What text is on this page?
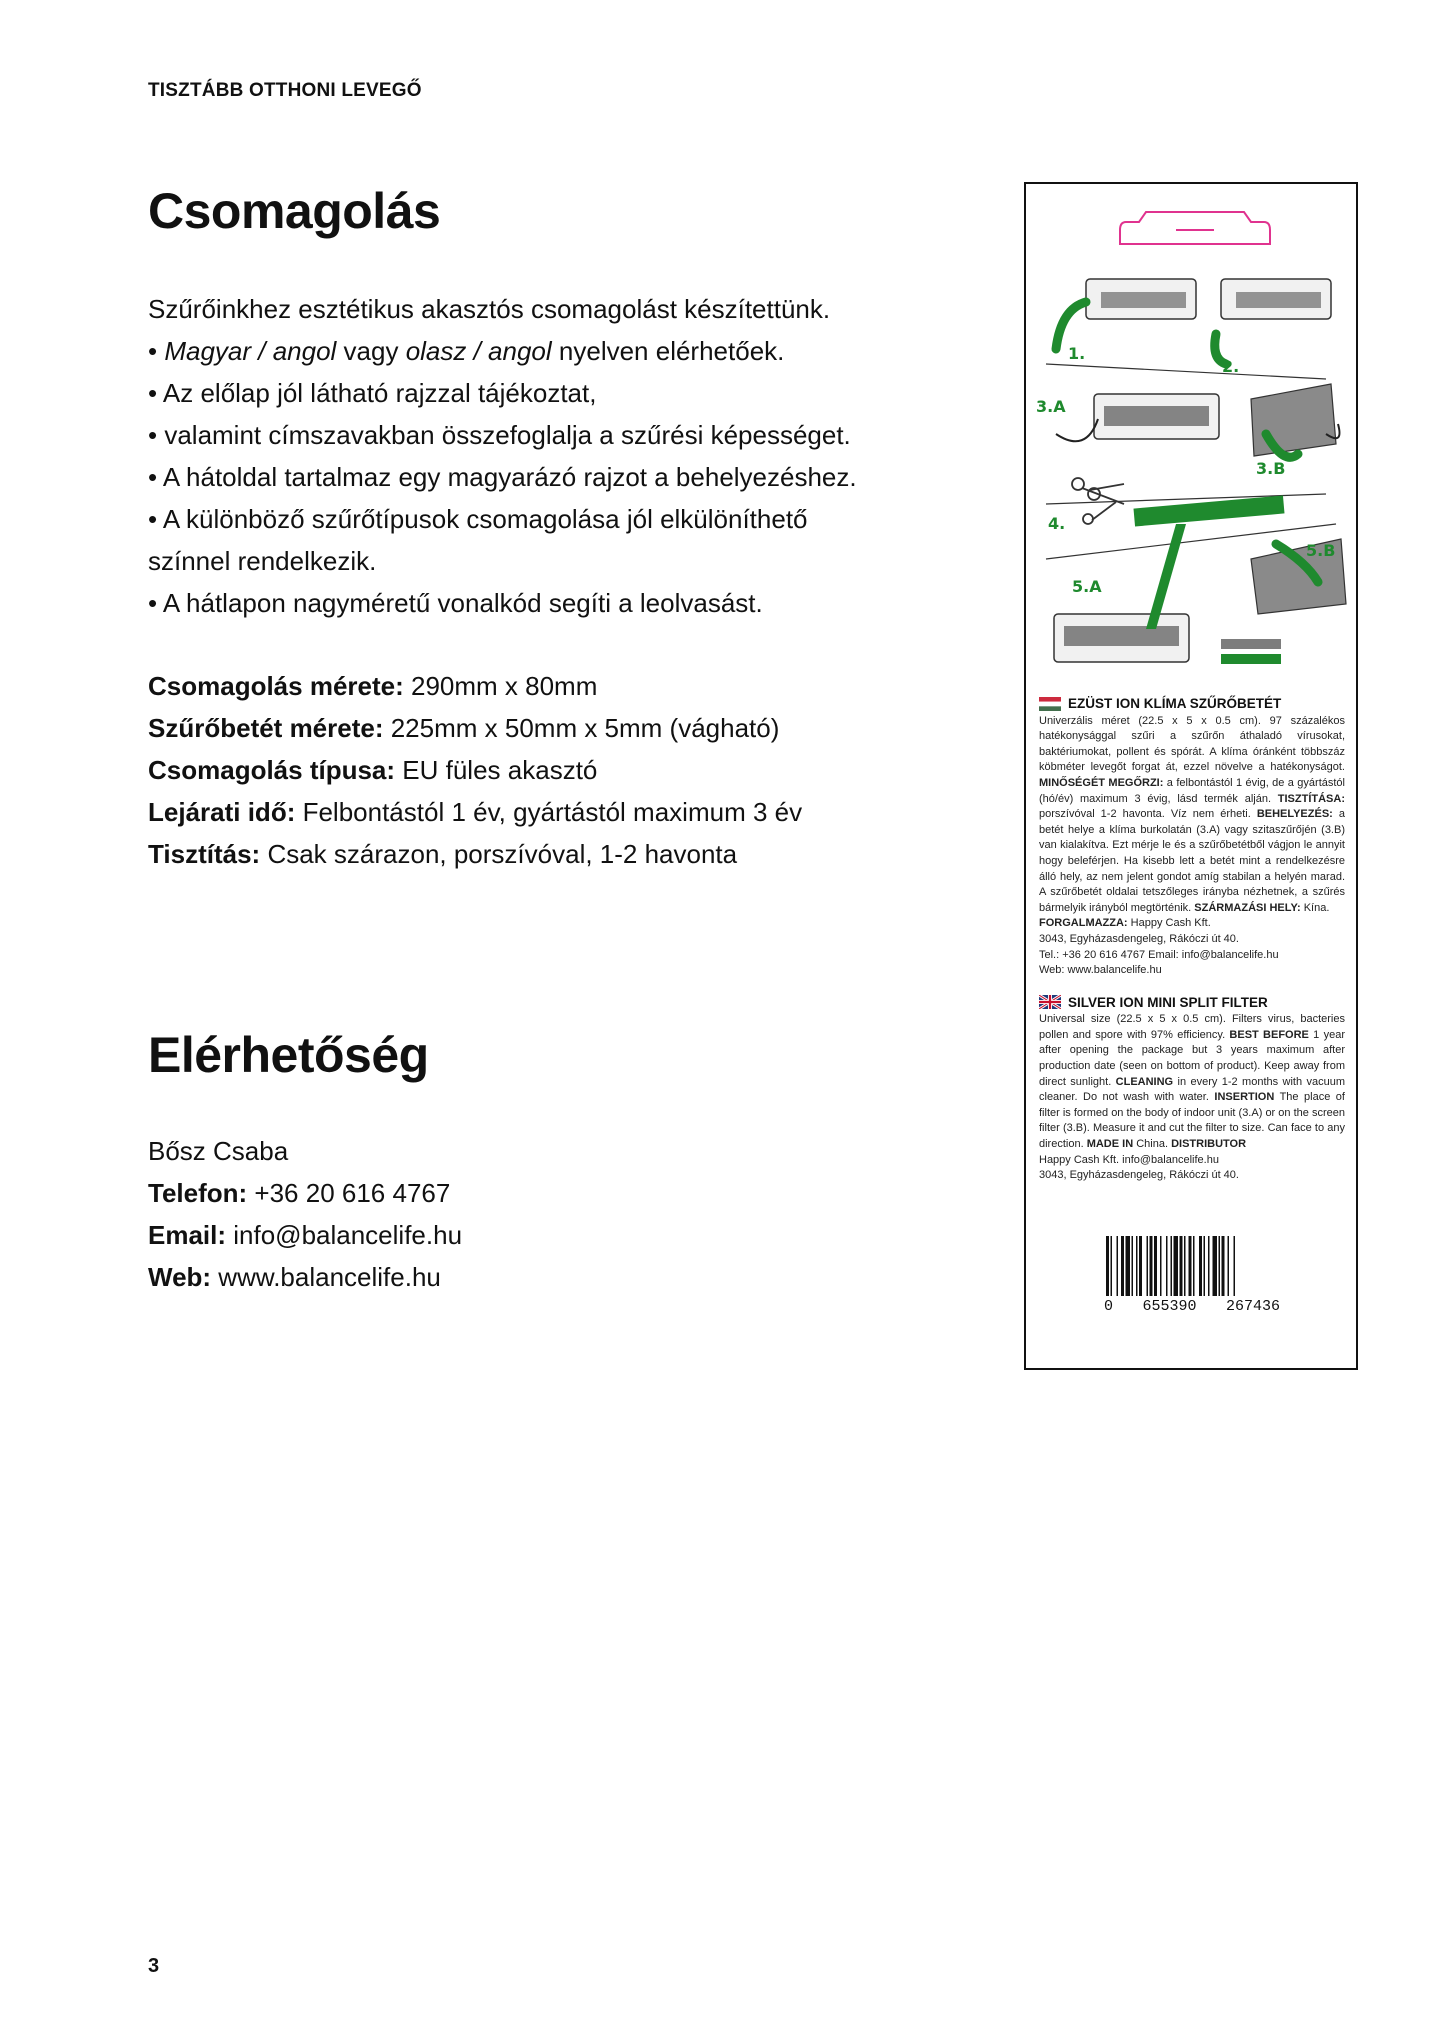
TISZTÁBB OTTHONI LEVEGŐ
Csomagolás

Szűrőinkhez esztétikus akasztós csomagolást készítettünk.

• Magyar / angol vagy olasz / angol nyelven elérhetőek.

• Az előlap jól látható rajzzal tájékoztat,

• valamint címszavakban összefoglalja a szűrési képességet.

• A hátoldal tartalmaz egy magyarázó rajzot a behelyezéshez.

• A különböző szűrőtípusok csomagolása jól elkülöníthető

színnel rendelkezik.

• A hátlapon nagyméretű vonalkód segíti a leolvasást.

Csomagolás mérete: 290mm x 80mm

Szűrőbetét mérete: 225mm x 50mm x 5mm (vágható)

Csomagolás típusa: EU füles akasztó

Lejárati idő: Felbontástól 1 év, gyártástól maximum 3 év

Tisztítás: Csak szárazon, porszívóval, 1-2 havonta

Elérhetőség

Bősz Csaba

Telefon: +36 20 616 4767

Email: info@balancelife.hu

Web: www.balancelife.hu

1.
2.
3.A
3.B
4.
5.A
5.B
EZÜST ION KLÍMA SZŰRŐBETÉT

Univerzális méret (22.5 x 5 x 0.5 cm). 97 százalékos hatékonysággal szűri a szűrőn áthaladó vírusokat, baktériumokat, pollent és spórát. A klíma óránként többszáz köbméter levegőt forgat át, ezzel növelve a hatékonyságot. MINŐSÉGÉT MEGŐRZI: a felbontástól 1 évig, de a gyártástól (hó/év) maximum 3 évig, lásd termék alján. TISZTÍTÁSA: porszívóval 1-2 havonta. Víz nem érheti. BEHELYEZÉS: a betét helye a klíma burkolatán (3.A) vagy szitaszűrőjén (3.B) van kialakítva. Ezt mérje le és a szűrőbetétből vágjon le annyit hogy beleférjen. Ha kisebb lett a betét mint a rendelkezésre álló hely, az nem jelent gondot amíg stabilan a helyén marad. A szűrőbetét oldalai tetszőleges irányba nézhetnek, a szűrés bármelyik irányból megtörténik. SZÁRMAZÁSI HELY: Kína.

FORGALMAZZA: Happy Cash Kft.

3043, Egyházasdengeleg, Rákóczi út 40.

Tel.: +36 20 616 4767 Email: info@balancelife.hu

Web: www.balancelife.hu

SILVER ION MINI SPLIT FILTER

Universal size (22.5 x 5 x 0.5 cm). Filters virus, bacteries pollen and spore with 97% efficiency. BEST BEFORE 1 year after opening the package but 3 years maximum after production date (seen on bottom of product). Keep away from direct sunlight. CLEANING in every 1-2 months with vacuum cleaner. Do not wash with water. INSERTION The place of filter is formed on the body of indoor unit (3.A) or on the screen filter (3.B). Measure it and cut the filter to size. Can face to any direction. MADE IN China. DISTRIBUTOR

Happy Cash Kft. info@balancelife.hu

3043, Egyházasdengeleg, Rákóczi út 40.

0 655390 267436
3
